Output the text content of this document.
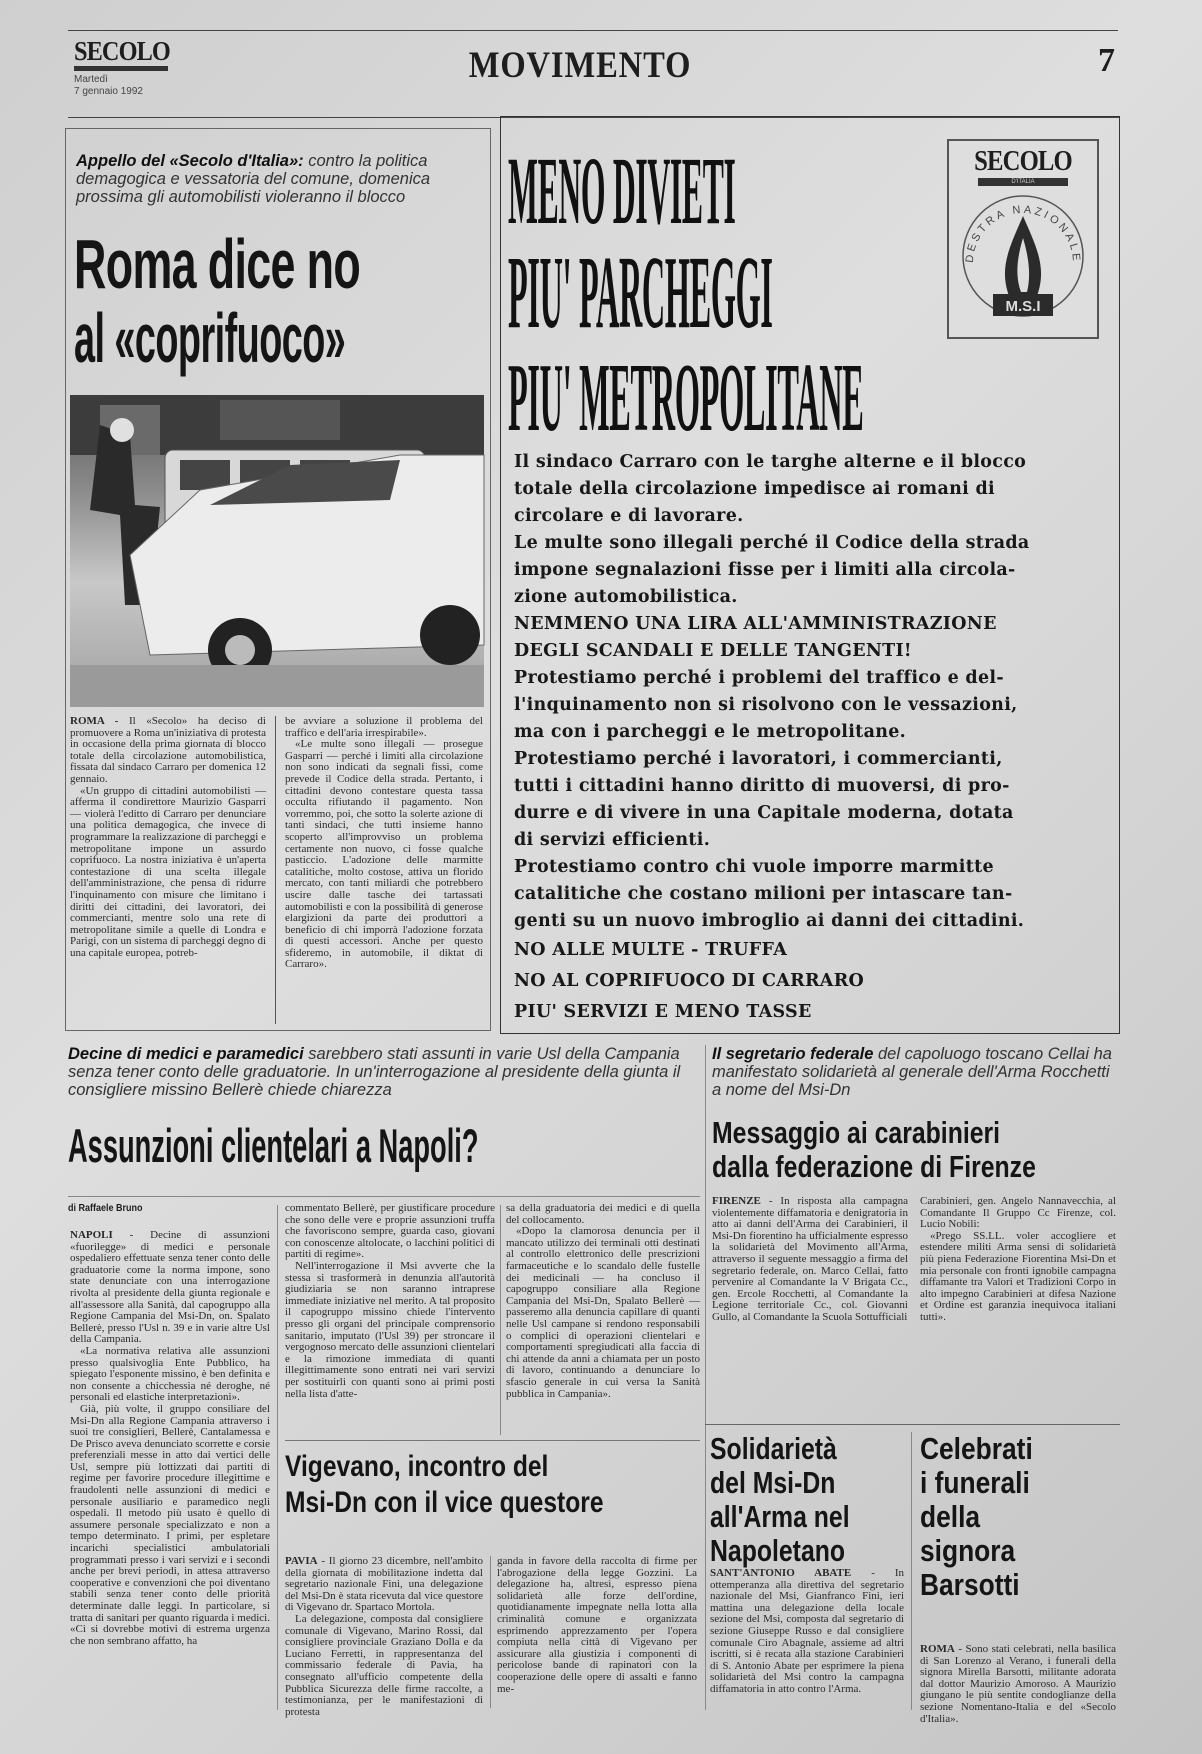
SECOLO
Martedì
7 gennaio 1992
MOVIMENTO	7
Appello del «Secolo d'Italia»: contro la politica demagogica e vessatoria del comune, domenica prossima gli automobilisti violeranno il blocco
Roma dice no
al «coprifuoco»

ROMA - Il «Secolo» ha deciso di promuovere a Roma un'iniziativa di protesta in occasione della prima giornata di blocco totale della circolazione automobilistica, fissata dal sindaco Carraro per domenica 12 gennaio.

«Un gruppo di cittadini automobilisti — afferma il condirettore Maurizio Gasparri — violerà l'editto di Carraro per denunciare una politica demagogica, che invece di programmare la realizzazione di parcheggi e metropolitane impone un assurdo coprifuoco. La nostra iniziativa è un'aperta contestazione di una scelta illegale dell'amministrazione, che pensa di ridurre l'inquinamento con misure che limitano i diritti dei cittadini, dei lavoratori, dei commercianti, mentre solo una rete di metropolitane simile a quelle di Londra e Parigi, con un sistema di parcheggi degno di una capitale europea, potreb-

be avviare a soluzione il problema del traffico e dell'aria irrespirabile».

«Le multe sono illegali — prosegue Gasparri — perché i limiti alla circolazione non sono indicati da segnali fissi, come prevede il Codice della strada. Pertanto, i cittadini devono contestare questa tassa occulta rifiutando il pagamento. Non vorremmo, poi, che sotto la solerte azione di tanti sindaci, che tutti insieme hanno scoperto all'improvviso un problema certamente non nuovo, ci fosse qualche pasticcio. L'adozione delle marmitte catalitiche, molto costose, attiva un florido mercato, con tanti miliardi che potrebbero uscire dalle tasche dei tartassati automobilisti e con la possibilità di generose elargizioni da parte dei produttori a beneficio di chi imporrà l'adozione forzata di questi accessori. Anche per questo sfideremo, in automobile, il diktat di Carraro».

MENO DIVIETI
PIU' PARCHEGGI
PIU' METROPOLITANE
SECOLO
D'ITALIA
DESTRA NAZIONALE
M.S.I
Il sindaco Carraro con le targhe alterne e il blocco
totale della circolazione impedisce ai romani di
circolare e di lavorare.
Le multe sono illegali perché il Codice della strada
impone segnalazioni fisse per i limiti alla circola-
zione automobilistica.
NEMMENO UNA LIRA ALL'AMMINISTRAZIONE
DEGLI SCANDALI E DELLE TANGENTI!
Protestiamo perché i problemi del traffico e del-
l'inquinamento non si risolvono con le vessazioni,
ma con i parcheggi e le metropolitane.
Protestiamo perché i lavoratori, i commercianti,
tutti i cittadini hanno diritto di muoversi, di pro-
durre e di vivere in una Capitale moderna, dotata
di servizi efficienti.
Protestiamo contro chi vuole imporre marmitte
catalitiche che costano milioni per intascare tan-
genti su un nuovo imbroglio ai danni dei cittadini.
NO ALLE MULTE - TRUFFA
NO AL COPRIFUOCO DI CARRARO
PIU' SERVIZI E MENO TASSE
Decine di medici e paramedici sarebbero stati assunti in varie Usl della Campania senza tener conto delle graduatorie. In un'interrogazione al presidente della giunta il consigliere missino Bellerè chiede chiarezza
Assunzioni clientelari a Napoli?
di Raffaele Bruno

NAPOLI - Decine di assunzioni «fuorilegge» di medici e personale ospedaliero effettuate senza tener conto delle graduatorie come la norma impone, sono state denunciate con una interrogazione rivolta al presidente della giunta regionale e all'assessore alla Sanità, dal capogruppo alla Regione Campania del Msi-Dn, on. Spalato Bellerè, presso l'Usl n. 39 e in varie altre Usl della Campania.

«La normativa relativa alle assunzioni presso qualsivoglia Ente Pubblico, ha spiegato l'esponente missino, è ben definita e non consente a chicchessia né deroghe, né personali ed elastiche interpretazioni».

Già, più volte, il gruppo consiliare del Msi-Dn alla Regione Campania attraverso i suoi tre consiglieri, Bellerè, Cantalamessa e De Prisco aveva denunciato scorrette e corsie preferenziali messe in atto dai vertici delle Usl, sempre più lottizzati dai partiti di regime per favorire procedure illegittime e fraudolenti nelle assunzioni di medici e personale ausiliario e paramedico negli ospedali. Il metodo più usato è quello di assumere personale specializzato e non a tempo determinato. I primi, per espletare incarichi specialistici ambulatoriali programmati presso i vari servizi e i secondi anche per brevi periodi, in attesa attraverso cooperative e convenzioni che poi diventano stabili senza tener conto delle priorità determinate dalle leggi. In particolare, si tratta di sanitari per quanto riguarda i medici. «Ci si dovrebbe motivi di estrema urgenza che non sembrano affatto, ha

commentato Bellerè, per giustificare procedure che sono delle vere e proprie assunzioni truffa che favoriscono sempre, guarda caso, giovani con conoscenze altolocate, o lacchini politici di partiti di regime».

Nell'interrogazione il Msi avverte che la stessa si trasformerà in denunzia all'autorità giudiziaria se non saranno intraprese immediate iniziative nel merito. A tal proposito il capogruppo missino chiede l'intervento presso gli organi del principale comprensorio sanitario, imputato (l'Usl 39) per stroncare il vergognoso mercato delle assunzioni clientelari e la rimozione immediata di quanti illegittimamente sono entrati nei vari servizi per sostituirli con quanti sono ai primi posti nella lista d'atte-

sa della graduatoria dei medici e di quella del collocamento.

«Dopo la clamorosa denuncia per il mancato utilizzo dei terminali otti destinati al controllo elettronico delle prescrizioni farmaceutiche e lo scandalo delle fustelle dei medicinali — ha concluso il capogruppo consiliare alla Regione Campania del Msi-Dn, Spalato Bellerè — passeremo alla denuncia capillare di quanti nelle Usl campane si rendono responsabili o complici di operazioni clientelari e comportamenti spregiudicati alla faccia di chi attende da anni a chiamata per un posto di lavoro, continuando a denunciare lo sfascio generale in cui versa la Sanità pubblica in Campania».

Vigevano, incontro del
Msi-Dn con il vice questore

PAVIA - Il giorno 23 dicembre, nell'ambito della giornata di mobilitazione indetta dal segretario nazionale Fini, una delegazione del Msi-Dn è stata ricevuta dal vice questore di Vigevano dr. Spartaco Mortola.

La delegazione, composta dal consigliere comunale di Vigevano, Marino Rossi, dal consigliere provinciale Graziano Dolla e da Luciano Ferretti, in rappresentanza del commissario federale di Pavia, ha consegnato all'ufficio competente della Pubblica Sicurezza delle firme raccolte, a testimonianza, per le manifestazioni di protesta

ganda in favore della raccolta di firme per l'abrogazione della legge Gozzini. La delegazione ha, altresì, espresso piena solidarietà alle forze dell'ordine, quotidianamente impegnate nella lotta alla criminalità comune e organizzata esprimendo apprezzamento per l'opera compiuta nella città di Vigevano per assicurare alla giustizia i componenti di pericolose bande di rapinatori con la cooperazione delle opere di assalti e fanno me-

Il segretario federale del capoluogo toscano Cellai ha manifestato solidarietà al generale dell'Arma Rocchetti a nome del Msi-Dn
Messaggio ai carabinieri
dalla federazione di Firenze

FIRENZE - In risposta alla campagna violentemente diffamatoria e denigratoria in atto ai danni dell'Arma dei Carabinieri, il Msi-Dn fiorentino ha ufficialmente espresso la solidarietà del Movimento all'Arma, attraverso il seguente messaggio a firma del segretario federale, on. Marco Cellai, fatto pervenire al Comandante la V Brigata Cc., gen. Ercole Rocchetti, al Comandante la Legione territoriale Cc., col. Giovanni Gullo, al Comandante la Scuola Sottufficiali

Carabinieri, gen. Angelo Nannavecchia, al Comandante Il Gruppo Cc Firenze, col. Lucio Nobili:

«Prego SS.LL. voler accogliere et estendere militi Arma sensi di solidarietà più piena Federazione Fiorentina Msi-Dn et mia personale con fronti ignobile campagna diffamante tra Valori et Tradizioni Corpo in alto impegno Carabinieri at difesa Nazione et Ordine est garanzia inequivoca italiani tutti».

Solidarietà
del Msi-Dn
all'Arma nel
Napoletano

SANT'ANTONIO ABATE - In ottemperanza alla direttiva del segretario nazionale del Msi, Gianfranco Fini, ieri mattina una delegazione della locale sezione del Msi, composta dal segretario di sezione Giuseppe Russo e dal consigliere comunale Ciro Abagnale, assieme ad altri iscritti, si è recata alla stazione Carabinieri di S. Antonio Abate per esprimere la piena solidarietà del Msi contro la campagna diffamatoria in atto contro l'Arma.

Celebrati
i funerali
della
signora
Barsotti

ROMA - Sono stati celebrati, nella basilica di San Lorenzo al Verano, i funerali della signora Mirella Barsotti, militante adorata dal dottor Maurizio Amoroso. A Maurizio giungano le più sentite condoglianze della sezione Nomentano-Italia e del «Secolo d'Italia».
